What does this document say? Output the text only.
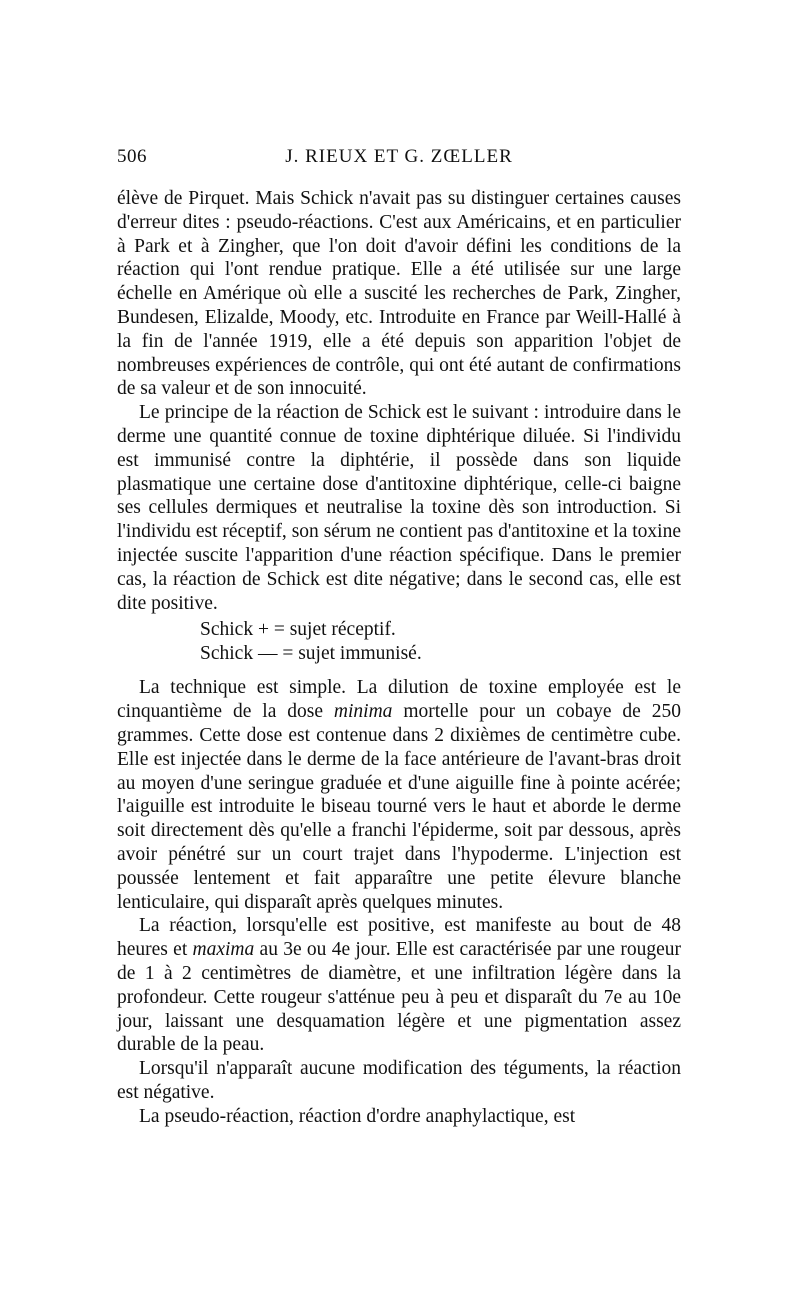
506	J. RIEUX ET G. ZŒLLER

élève de Pirquet. Mais Schick n'avait pas su distinguer certaines causes d'erreur dites : pseudo-réactions. C'est aux Américains, et en particulier à Park et à Zingher, que l'on doit d'avoir défini les conditions de la réaction qui l'ont rendue pratique. Elle a été utilisée sur une large échelle en Amérique où elle a suscité les recherches de Park, Zingher, Bundesen, Elizalde, Moody, etc. Introduite en France par Weill-Hallé à la fin de l'année 1919, elle a été depuis son apparition l'objet de nombreuses expériences de contrôle, qui ont été autant de confirmations de sa valeur et de son innocuité.

Le principe de la réaction de Schick est le suivant : introduire dans le derme une quantité connue de toxine diphtérique diluée. Si l'individu est immunisé contre la diphtérie, il possède dans son liquide plasmatique une certaine dose d'antitoxine diphtérique, celle-ci baigne ses cellules dermiques et neutralise la toxine dès son introduction. Si l'individu est réceptif, son sérum ne contient pas d'antitoxine et la toxine injectée suscite l'apparition d'une réaction spécifique. Dans le premier cas, la réaction de Schick est dite négative; dans le second cas, elle est dite positive.

Schick + = sujet réceptif.
Schick — = sujet immunisé.

La technique est simple. La dilution de toxine employée est le cinquantième de la dose minima mortelle pour un cobaye de 250 grammes. Cette dose est contenue dans 2 dixièmes de centimètre cube. Elle est injectée dans le derme de la face antérieure de l'avant-bras droit au moyen d'une seringue graduée et d'une aiguille fine à pointe acérée; l'aiguille est introduite le biseau tourné vers le haut et aborde le derme soit directement dès qu'elle a franchi l'épiderme, soit par dessous, après avoir pénétré sur un court trajet dans l'hypoderme. L'injection est poussée lentement et fait apparaître une petite élevure blanche lenticulaire, qui disparaît après quelques minutes.

La réaction, lorsqu'elle est positive, est manifeste au bout de 48 heures et maxima au 3e ou 4e jour. Elle est caractérisée par une rougeur de 1 à 2 centimètres de diamètre, et une infiltration légère dans la profondeur. Cette rougeur s'atténue peu à peu et disparaît du 7e au 10e jour, laissant une desquamation légère et une pigmentation assez durable de la peau.

Lorsqu'il n'apparaît aucune modification des téguments, la réaction est négative.

La pseudo-réaction, réaction d'ordre anaphylactique, est
